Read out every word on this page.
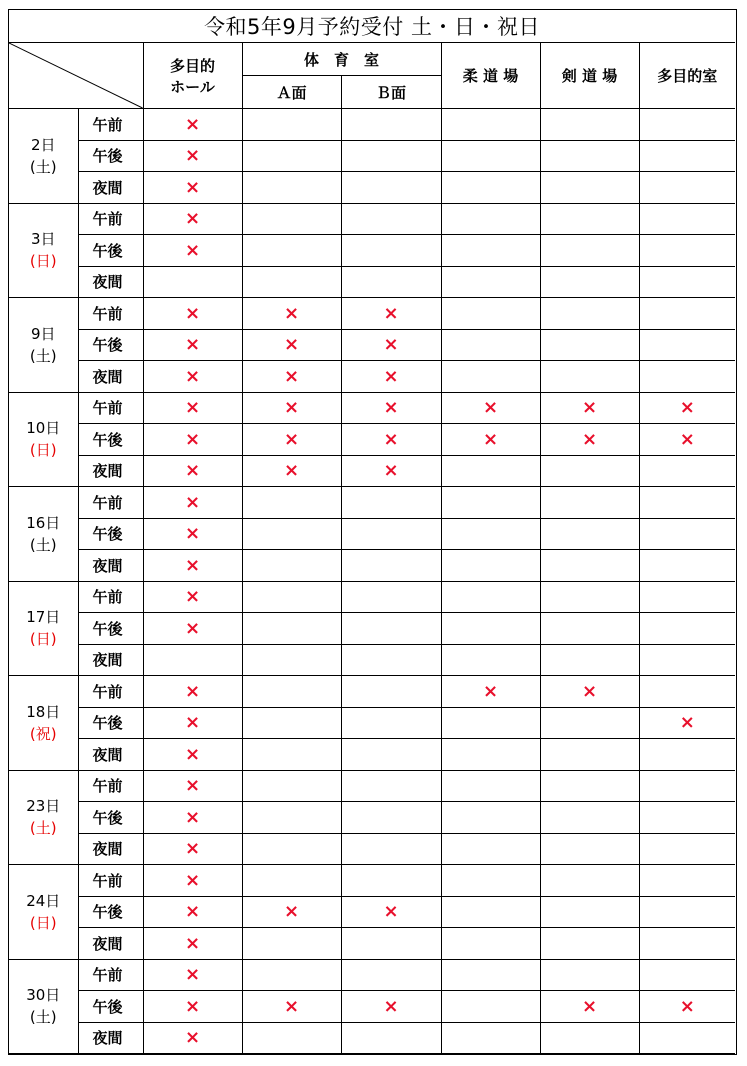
令和5年9月予約受付 土・日・祝日							

多目的
ホール	体　育　室		柔 道 場	剣 道 場	多目的室
			Ａ面	Ｂ面			

2日
(土)	午前	×					
	午後	×					
	夜間	×					

3日
(日)	午前	×					
	午後	×					
	夜間						

9日
(土)	午前	×	×	×			
	午後	×	×	×			
	夜間	×	×	×			

10日
(日)	午前	×	×	×	×	×	×
	午後	×	×	×	×	×	×
	夜間	×	×	×			

16日
(土)	午前	×					
	午後	×					
	夜間	×					

17日
(日)	午前	×					
	午後	×					
	夜間						

18日
(祝)	午前	×			×	×	
	午後	×					×
	夜間	×					

23日
(土)	午前	×					
	午後	×					
	夜間	×					

24日
(日)	午前	×					
	午後	×	×	×			
	夜間	×					

30日
(土)	午前	×					
	午後	×	×	×		×	×
	夜間	×					
